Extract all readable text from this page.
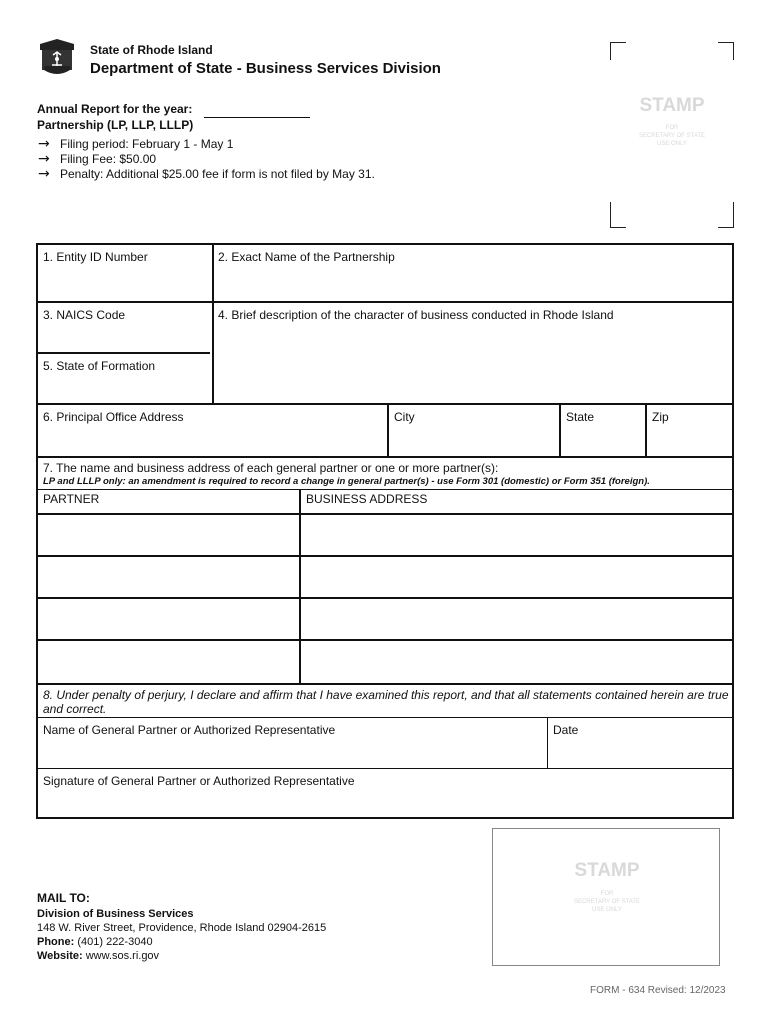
State of Rhode Island
Department of State - Business Services Division
Annual Report for the year:
Partnership (LP, LLP, LLLP)
→ Filing period: February 1 - May 1
→ Filing Fee: $50.00
→ Penalty: Additional $25.00 fee if form is not filed by May 31.
STAMP
FOR
SECRETARY OF STATE
USE ONLY
1. Entity ID Number	2. Exact Name of the Partnership
3. NAICS Code	4. Brief description of the character of business conducted in Rhode Island
5. State of Formation
6. Principal Office Address	City	State	Zip
7. The name and business address of each general partner or one or more partner(s):
LP and LLLP only: an amendment is required to record a change in general partner(s) - use Form 301 (domestic) or Form 351 (foreign).
PARTNER	BUSINESS ADDRESS
8. Under penalty of perjury, I declare and affirm that I have examined this report, and that all statements contained herein are true and correct.
Name of General Partner or Authorized Representative	Date
Signature of General Partner or Authorized Representative
STAMP
FOR
SECRETARY OF STATE
USE ONLY
MAIL TO:
Division of Business Services
148 W. River Street, Providence, Rhode Island 02904-2615
Phone: (401) 222-3040
Website: www.sos.ri.gov
FORM - 634 Revised: 12/2023
